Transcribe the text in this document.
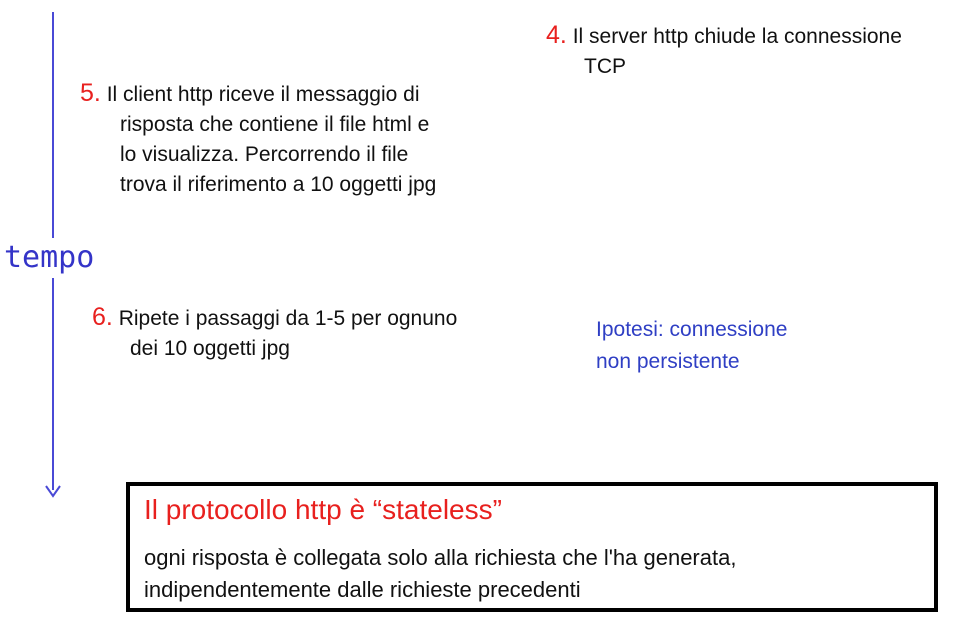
tempo
4. Il server http chiude la connessione
TCP
5. Il client http riceve il messaggio di
risposta che contiene il file html e
lo visualizza. Percorrendo il file
trova il riferimento a 10 oggetti jpg
6. Ripete i passaggi da 1-5 per ognuno
dei 10 oggetti jpg
Ipotesi: connessione
non persistente
Il protocollo http è “stateless”
ogni risposta è collegata solo alla richiesta che l'ha generata,
indipendentemente dalle richieste precedenti
